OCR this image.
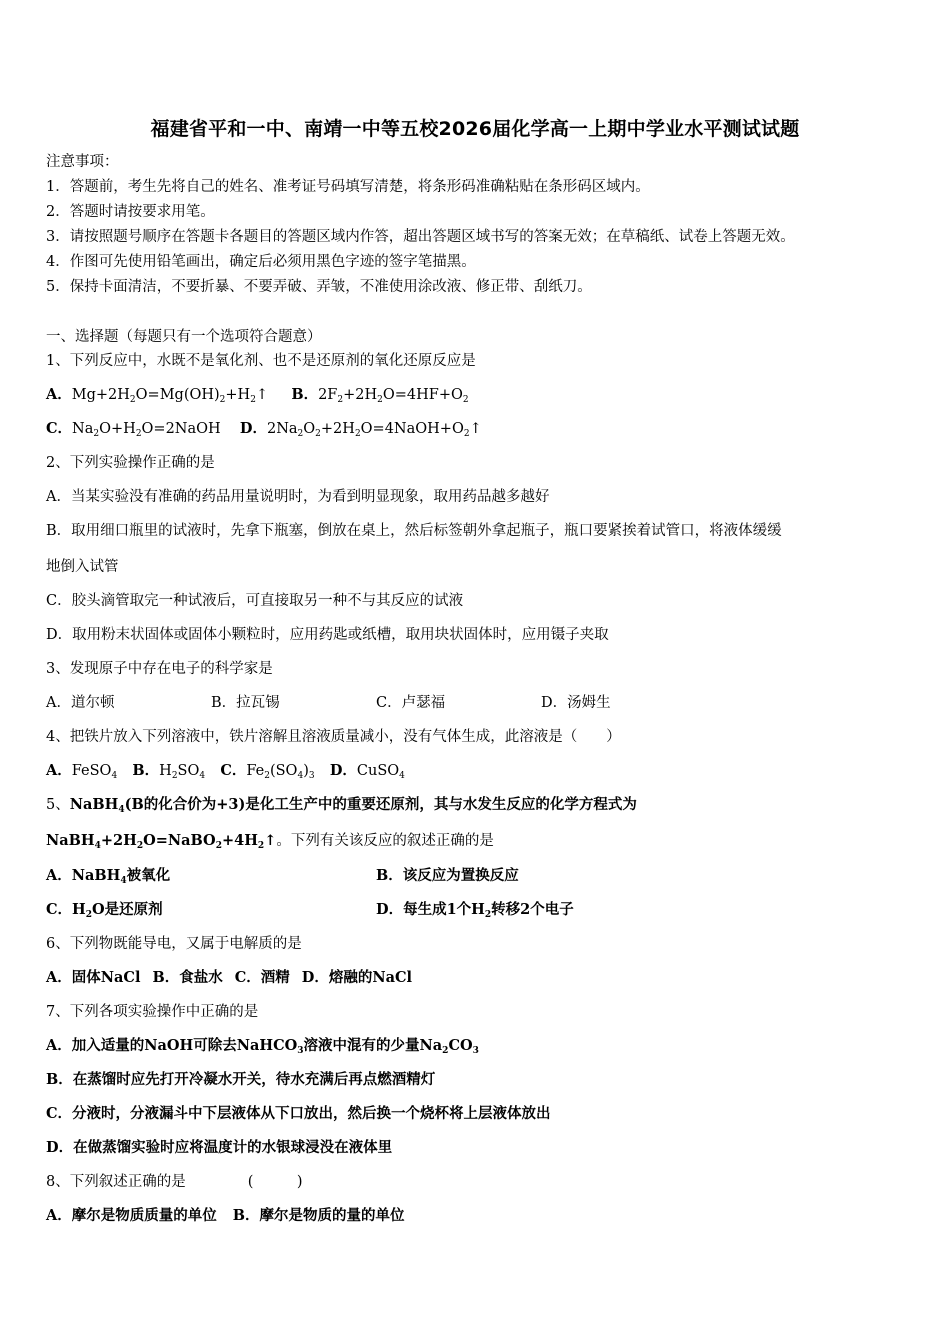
福建省平和一中、南靖一中等五校2026届化学高一上期中学业水平测试试题
注意事项：
1．答题前，考生先将自己的姓名、准考证号码填写清楚，将条形码准确粘贴在条形码区域内。
2．答题时请按要求用笔。
3．请按照题号顺序在答题卡各题目的答题区域内作答，超出答题区域书写的答案无效；在草稿纸、试卷上答题无效。
4．作图可先使用铅笔画出，确定后必须用黑色字迹的签字笔描黑。
5．保持卡面清洁，不要折暴、不要弄破、弄皱，不准使用涂改液、修正带、刮纸刀。
一、选择题（每题只有一个选项符合题意）
1、下列反应中，水既不是氧化剂、也不是还原剂的氧化还原反应是
A．$Mg+2H_2O=Mg(OH)_2+H_2↑$ B．$2F_2+2H_2O=4HF+O_2$
C．$Na_2O+H_2O=2NaOH$ D．$2Na_2O_2+2H_2O=4NaOH+O_2↑$
2、下列实验操作正确的是
A．当某实验没有准确的药品用量说明时，为看到明显现象，取用药品越多越好
B．取用细口瓶里的试液时，先拿下瓶塞，倒放在桌上，然后标签朝外拿起瓶子，瓶口要紧挨着试管口，将液体缓缓
地倒入试管
C．胶头滴管取完一种试液后，可直接取另一种不与其反应的试液
D．取用粉末状固体或固体小颗粒时，应用药匙或纸槽，取用块状固体时，应用镊子夹取
3、发现原子中存在电子的科学家是
A．道尔顿	B．拉瓦锡	C．卢瑟福	D．汤姆生
4、把铁片放入下列溶液中，铁片溶解且溶液质量减小，没有气体生成，此溶液是（　　）
A．FeSO$_4$ B．$H_2SO_4$ C．$Fe_2(SO_4)_3$ D．CuSO$_4$
5、NaBH$_4$(B的化合价为+3)是化工生产中的重要还原剂，其与水发生反应的化学方程式为
$NaBH_4+2H_2O=NaBO_2+4H_2↑$。下列有关该反应的叙述正确的是
A．NaBH$_4$被氧化	B．该反应为置换反应
C．$H_2O$是还原剂	D．每生成1个$H_2$转移2个电子
6、下列物既能导电，又属于电解质的是
A．固体NaCl B．食盐水 C．酒精 D．熔融的NaCl
7、下列各项实验操作中正确的是
A．加入适量的NaOH可除去NaHCO$_3$溶液中混有的少量$Na_2CO_3$
B．在蒸馏时应先打开冷凝水开关，待水充满后再点燃酒精灯
C．分液时，分液漏斗中下层液体从下口放出，然后换一个烧杯将上层液体放出
D．在做蒸馏实验时应将温度计的水银球浸没在液体里
8、下列叙述正确的是	(　　　)
A．摩尔是物质质量的单位 B．摩尔是物质的量的单位
